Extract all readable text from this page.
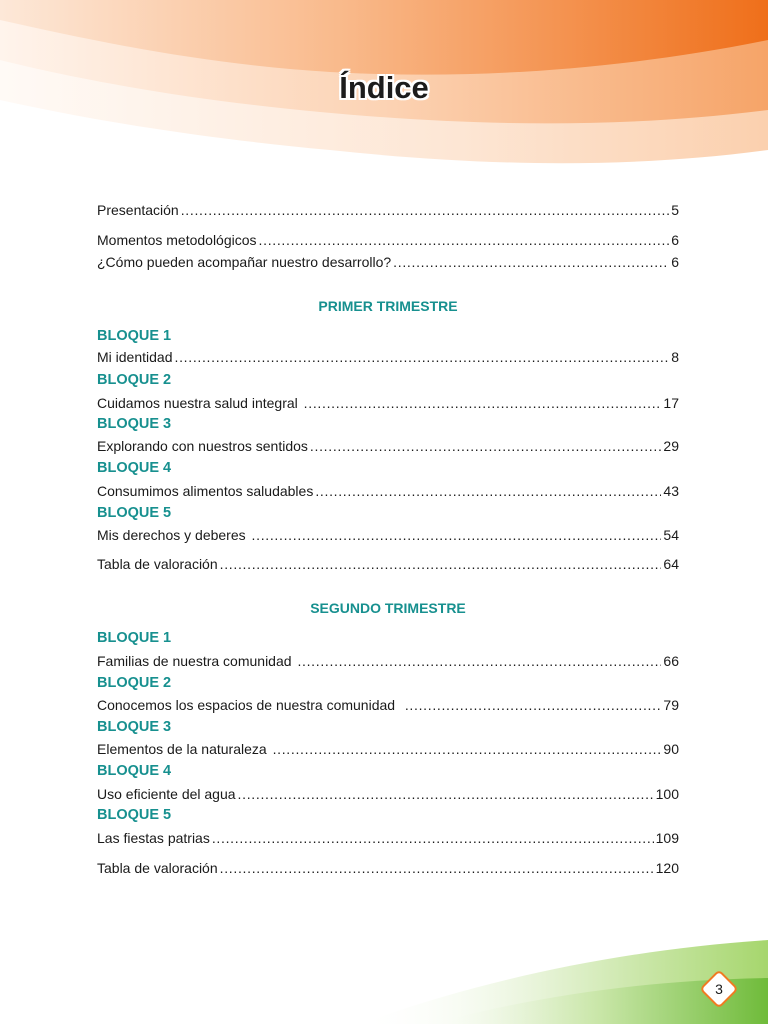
Índice
Presentación . . .	5
Momentos metodológicos . . .	6
¿Cómo pueden acompañar nuestro desarrollo? . . .	6
PRIMER TRIMESTRE
BLOQUE 1
Mi identidad . . .	8
BLOQUE 2
Cuidamos nuestra salud integral . . .	17
BLOQUE 3
Explorando con nuestros sentidos . . .	29
BLOQUE 4
Consumimos alimentos saludables . . .	43
BLOQUE 5
Mis derechos y deberes . . .	54
Tabla de valoración . . .	64
SEGUNDO TRIMESTRE
BLOQUE 1
Familias de nuestra comunidad . . .	66
BLOQUE 2
Conocemos los espacios de nuestra comunidad . . .	79
BLOQUE 3
Elementos de la naturaleza . . .	90
BLOQUE 4
Uso eficiente del agua . . .	100
BLOQUE 5
Las fiestas patrias . . .	109
Tabla de valoración . . .	120
3
